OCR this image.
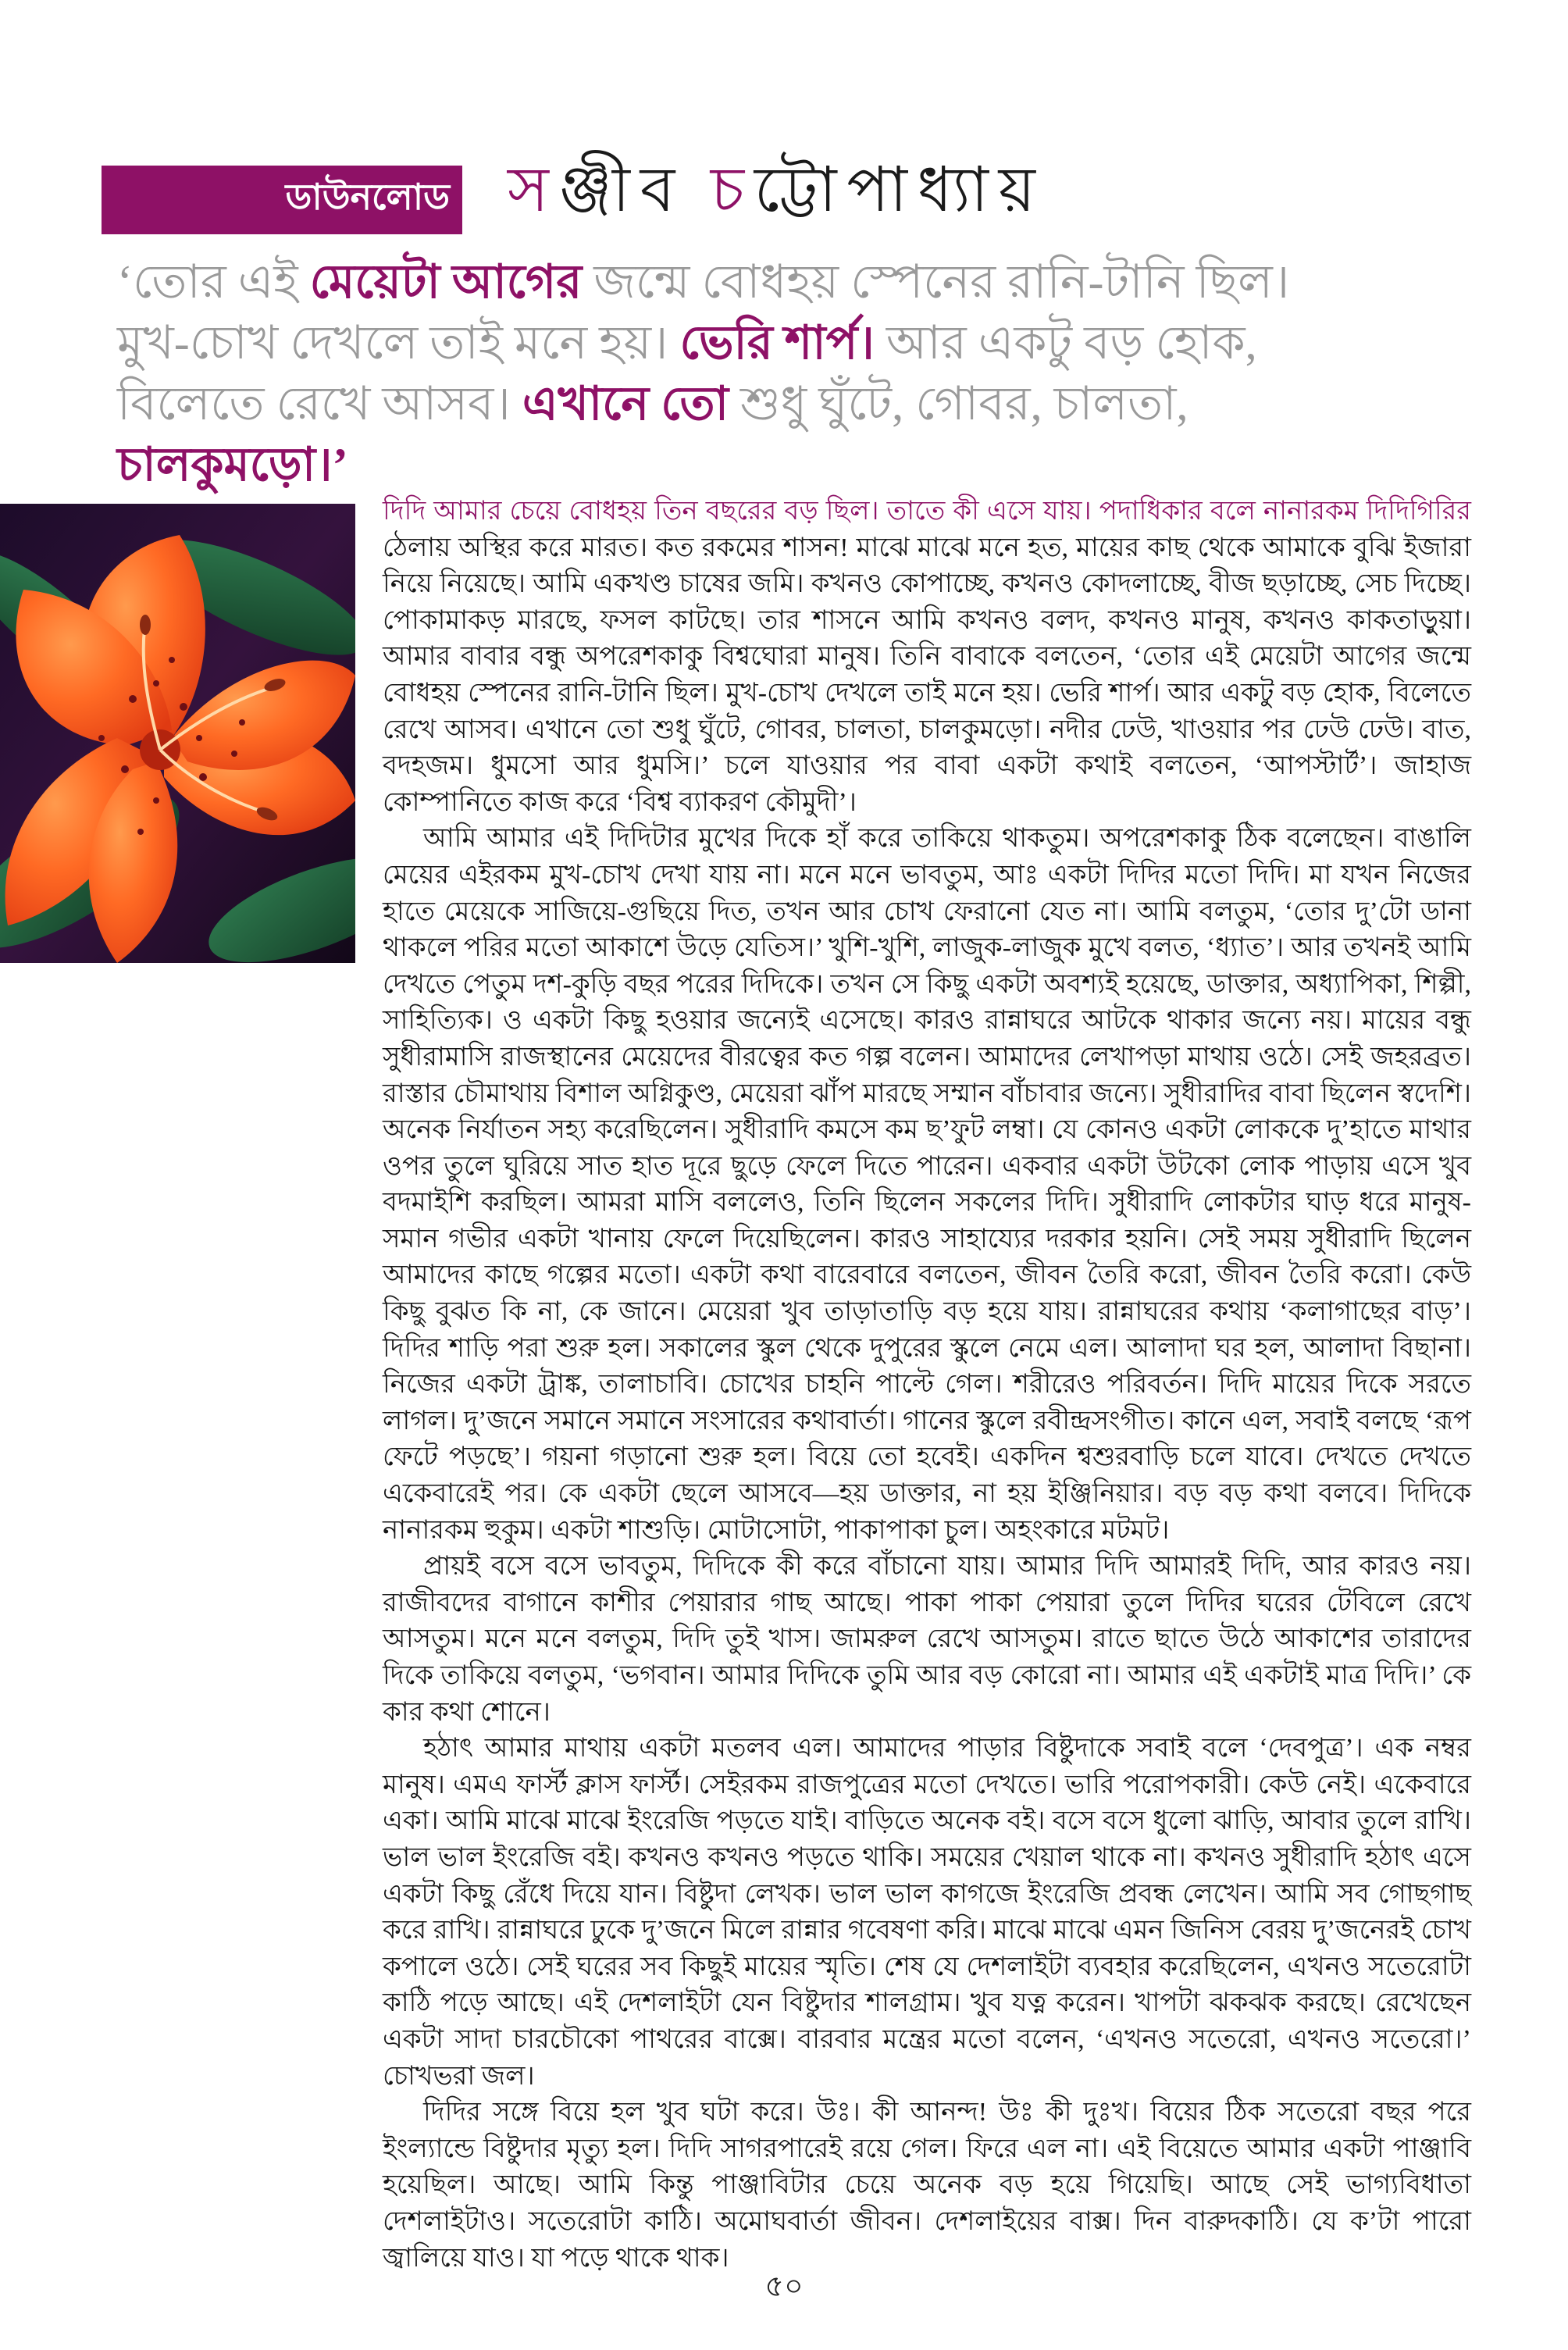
ডাউনলোড সঞ্জীব চট্টোপাধ্যায়
‘তোর এই মেয়েটা আগের জন্মে বোধহয় স্পেনের রানি-টানি ছিল।
মুখ-চোখ দেখলে তাই মনে হয়। ভেরি শার্প। আর একটু বড় হোক,
বিলেতে রেখে আসব। এখানে তো শুধু ঘুঁটে, গোবর, চালতা,
চালকুমড়ো।’

দিদি আমার চেয়ে বোধহয় তিন বছরের বড় ছিল। তাতে কী এসে যায়। পদাধিকার বলে নানারকম দিদিগিরির ঠেলায় অস্থির করে মারত। কত রকমের শাসন! মাঝে মাঝে মনে হত, মায়ের কাছ থেকে আমাকে বুঝি ইজারা নিয়ে নিয়েছে। আমি একখণ্ড চাষের জমি। কখনও কোপাচ্ছে, কখনও কোদলাচ্ছে, বীজ ছড়াচ্ছে, সেচ দিচ্ছে। পোকামাকড় মারছে, ফসল কাটছে। তার শাসনে আমি কখনও বলদ, কখনও মানুষ, কখনও কাকতাড়ুয়া। আমার বাবার বন্ধু অপরেশকাকু বিশ্বঘোরা মানুষ। তিনি বাবাকে বলতেন, ‘তোর এই মেয়েটা আগের জন্মে বোধহয় স্পেনের রানি-টানি ছিল। মুখ-চোখ দেখলে তাই মনে হয়। ভেরি শার্প। আর একটু বড় হোক, বিলেতে রেখে আসব। এখানে তো শুধু ঘুঁটে, গোবর, চালতা, চালকুমড়ো। নদীর ঢেউ, খাওয়ার পর ঢেউ ঢেউ। বাত, বদহজম। ধুমসো আর ধুমসি।’ চলে যাওয়ার পর বাবা একটা কথাই বলতেন, ‘আপস্টার্ট’। জাহাজ কোম্পানিতে কাজ করে ‘বিশ্ব ব্যাকরণ কৌমুদী’।

আমি আমার এই দিদিটার মুখের দিকে হাঁ করে তাকিয়ে থাকতুম। অপরেশকাকু ঠিক বলেছেন। বাঙালি মেয়ের এইরকম মুখ-চোখ দেখা যায় না। মনে মনে ভাবতুম, আঃ একটা দিদির মতো দিদি। মা যখন নিজের হাতে মেয়েকে সাজিয়ে-গুছিয়ে দিত, তখন আর চোখ ফেরানো যেত না। আমি বলতুম, ‘তোর দু’টো ডানা থাকলে পরির মতো আকাশে উড়ে যেতিস।’ খুশি-খুশি, লাজুক-লাজুক মুখে বলত, ‘ধ্যাত’। আর তখনই আমি দেখতে পেতুম দশ-কুড়ি বছর পরের দিদিকে। তখন সে কিছু একটা অবশ্যই হয়েছে, ডাক্তার, অধ্যাপিকা, শিল্পী, সাহিত্যিক। ও একটা কিছু হওয়ার জন্যেই এসেছে। কারও রান্নাঘরে আটকে থাকার জন্যে নয়। মায়ের বন্ধু সুধীরামাসি রাজস্থানের মেয়েদের বীরত্বের কত গল্প বলেন। আমাদের লেখাপড়া মাথায় ওঠে। সেই জহরব্রত। রাস্তার চৌমাথায় বিশাল অগ্নিকুণ্ড, মেয়েরা ঝাঁপ মারছে সম্মান বাঁচাবার জন্যে। সুধীরাদির বাবা ছিলেন স্বদেশি। অনেক নির্যাতন সহ্য করেছিলেন। সুধীরাদি কমসে কম ছ’ফুট লম্বা। যে কোনও একটা লোককে দু’হাতে মাথার ওপর তুলে ঘুরিয়ে সাত হাত দূরে ছুড়ে ফেলে দিতে পারেন। একবার একটা উটকো লোক পাড়ায় এসে খুব বদমাইশি করছিল। আমরা মাসি বললেও, তিনি ছিলেন সকলের দিদি। সুধীরাদি লোকটার ঘাড় ধরে মানুষ-সমান গভীর একটা খানায় ফেলে দিয়েছিলেন। কারও সাহায্যের দরকার হয়নি। সেই সময় সুধীরাদি ছিলেন আমাদের কাছে গল্পের মতো। একটা কথা বারেবারে বলতেন, জীবন তৈরি করো, জীবন তৈরি করো। কেউ কিছু বুঝত কি না, কে জানে। মেয়েরা খুব তাড়াতাড়ি বড় হয়ে যায়। রান্নাঘরের কথায় ‘কলাগাছের বাড়’। দিদির শাড়ি পরা শুরু হল। সকালের স্কুল থেকে দুপুরের স্কুলে নেমে এল। আলাদা ঘর হল, আলাদা বিছানা। নিজের একটা ট্রাঙ্ক, তালাচাবি। চোখের চাহনি পাল্টে গেল। শরীরেও পরিবর্তন। দিদি মায়ের দিকে সরতে লাগল। দু’জনে সমানে সমানে সংসারের কথাবার্তা। গানের স্কুলে রবীন্দ্রসংগীত। কানে এল, সবাই বলছে ‘রূপ ফেটে পড়ছে’। গয়না গড়ানো শুরু হল। বিয়ে তো হবেই। একদিন শ্বশুরবাড়ি চলে যাবে। দেখতে দেখতে একেবারেই পর। কে একটা ছেলে আসবে—হয় ডাক্তার, না হয় ইঞ্জিনিয়ার। বড় বড় কথা বলবে। দিদিকে নানারকম হুকুম। একটা শাশুড়ি। মোটাসোটা, পাকাপাকা চুল। অহংকারে মটমট।

প্রায়ই বসে বসে ভাবতুম, দিদিকে কী করে বাঁচানো যায়। আমার দিদি আমারই দিদি, আর কারও নয়। রাজীবদের বাগানে কাশীর পেয়ারার গাছ আছে। পাকা পাকা পেয়ারা তুলে দিদির ঘরের টেবিলে রেখে আসতুম। মনে মনে বলতুম, দিদি তুই খাস। জামরুল রেখে আসতুম। রাতে ছাতে উঠে আকাশের তারাদের দিকে তাকিয়ে বলতুম, ‘ভগবান। আমার দিদিকে তুমি আর বড় কোরো না। আমার এই একটাই মাত্র দিদি।’ কে কার কথা শোনে।

হঠাৎ আমার মাথায় একটা মতলব এল। আমাদের পাড়ার বিষ্টুদাকে সবাই বলে ‘দেবপুত্র’। এক নম্বর মানুষ। এমএ ফার্স্ট ক্লাস ফার্স্ট। সেইরকম রাজপুত্রের মতো দেখতে। ভারি পরোপকারী। কেউ নেই। একেবারে একা। আমি মাঝে মাঝে ইংরেজি পড়তে যাই। বাড়িতে অনেক বই। বসে বসে ধুলো ঝাড়ি, আবার তুলে রাখি। ভাল ভাল ইংরেজি বই। কখনও কখনও পড়তে থাকি। সময়ের খেয়াল থাকে না। কখনও সুধীরাদি হঠাৎ এসে একটা কিছু রেঁধে দিয়ে যান। বিষ্টুদা লেখক। ভাল ভাল কাগজে ইংরেজি প্রবন্ধ লেখেন। আমি সব গোছগাছ করে রাখি। রান্নাঘরে ঢুকে দু’জনে মিলে রান্নার গবেষণা করি। মাঝে মাঝে এমন জিনিস বেরয় দু’জনেরই চোখ কপালে ওঠে। সেই ঘরের সব কিছুই মায়ের স্মৃতি। শেষ যে দেশলাইটা ব্যবহার করেছিলেন, এখনও সতেরোটা কাঠি পড়ে আছে। এই দেশলাইটা যেন বিষ্টুদার শালগ্রাম। খুব যত্ন করেন। খাপটা ঝকঝক করছে। রেখেছেন একটা সাদা চারচৌকো পাথরের বাক্সে। বারবার মন্ত্রের মতো বলেন, ‘এখনও সতেরো, এখনও সতেরো।’ চোখভরা জল।

দিদির সঙ্গে বিয়ে হল খুব ঘটা করে। উঃ। কী আনন্দ! উঃ কী দুঃখ। বিয়ের ঠিক সতেরো বছর পরে ইংল্যান্ডে বিষ্টুদার মৃত্যু হল। দিদি সাগরপারেই রয়ে গেল। ফিরে এল না। এই বিয়েতে আমার একটা পাঞ্জাবি হয়েছিল। আছে। আমি কিন্তু পাঞ্জাবিটার চেয়ে অনেক বড় হয়ে গিয়েছি। আছে সেই ভাগ্যবিধাতা দেশলাইটাও। সতেরোটা কাঠি। অমোঘবার্তা জীবন। দেশলাইয়ের বাক্স। দিন বারুদকাঠি। যে ক’টা পারো জ্বালিয়ে যাও। যা পড়ে থাকে থাক।

৫০
